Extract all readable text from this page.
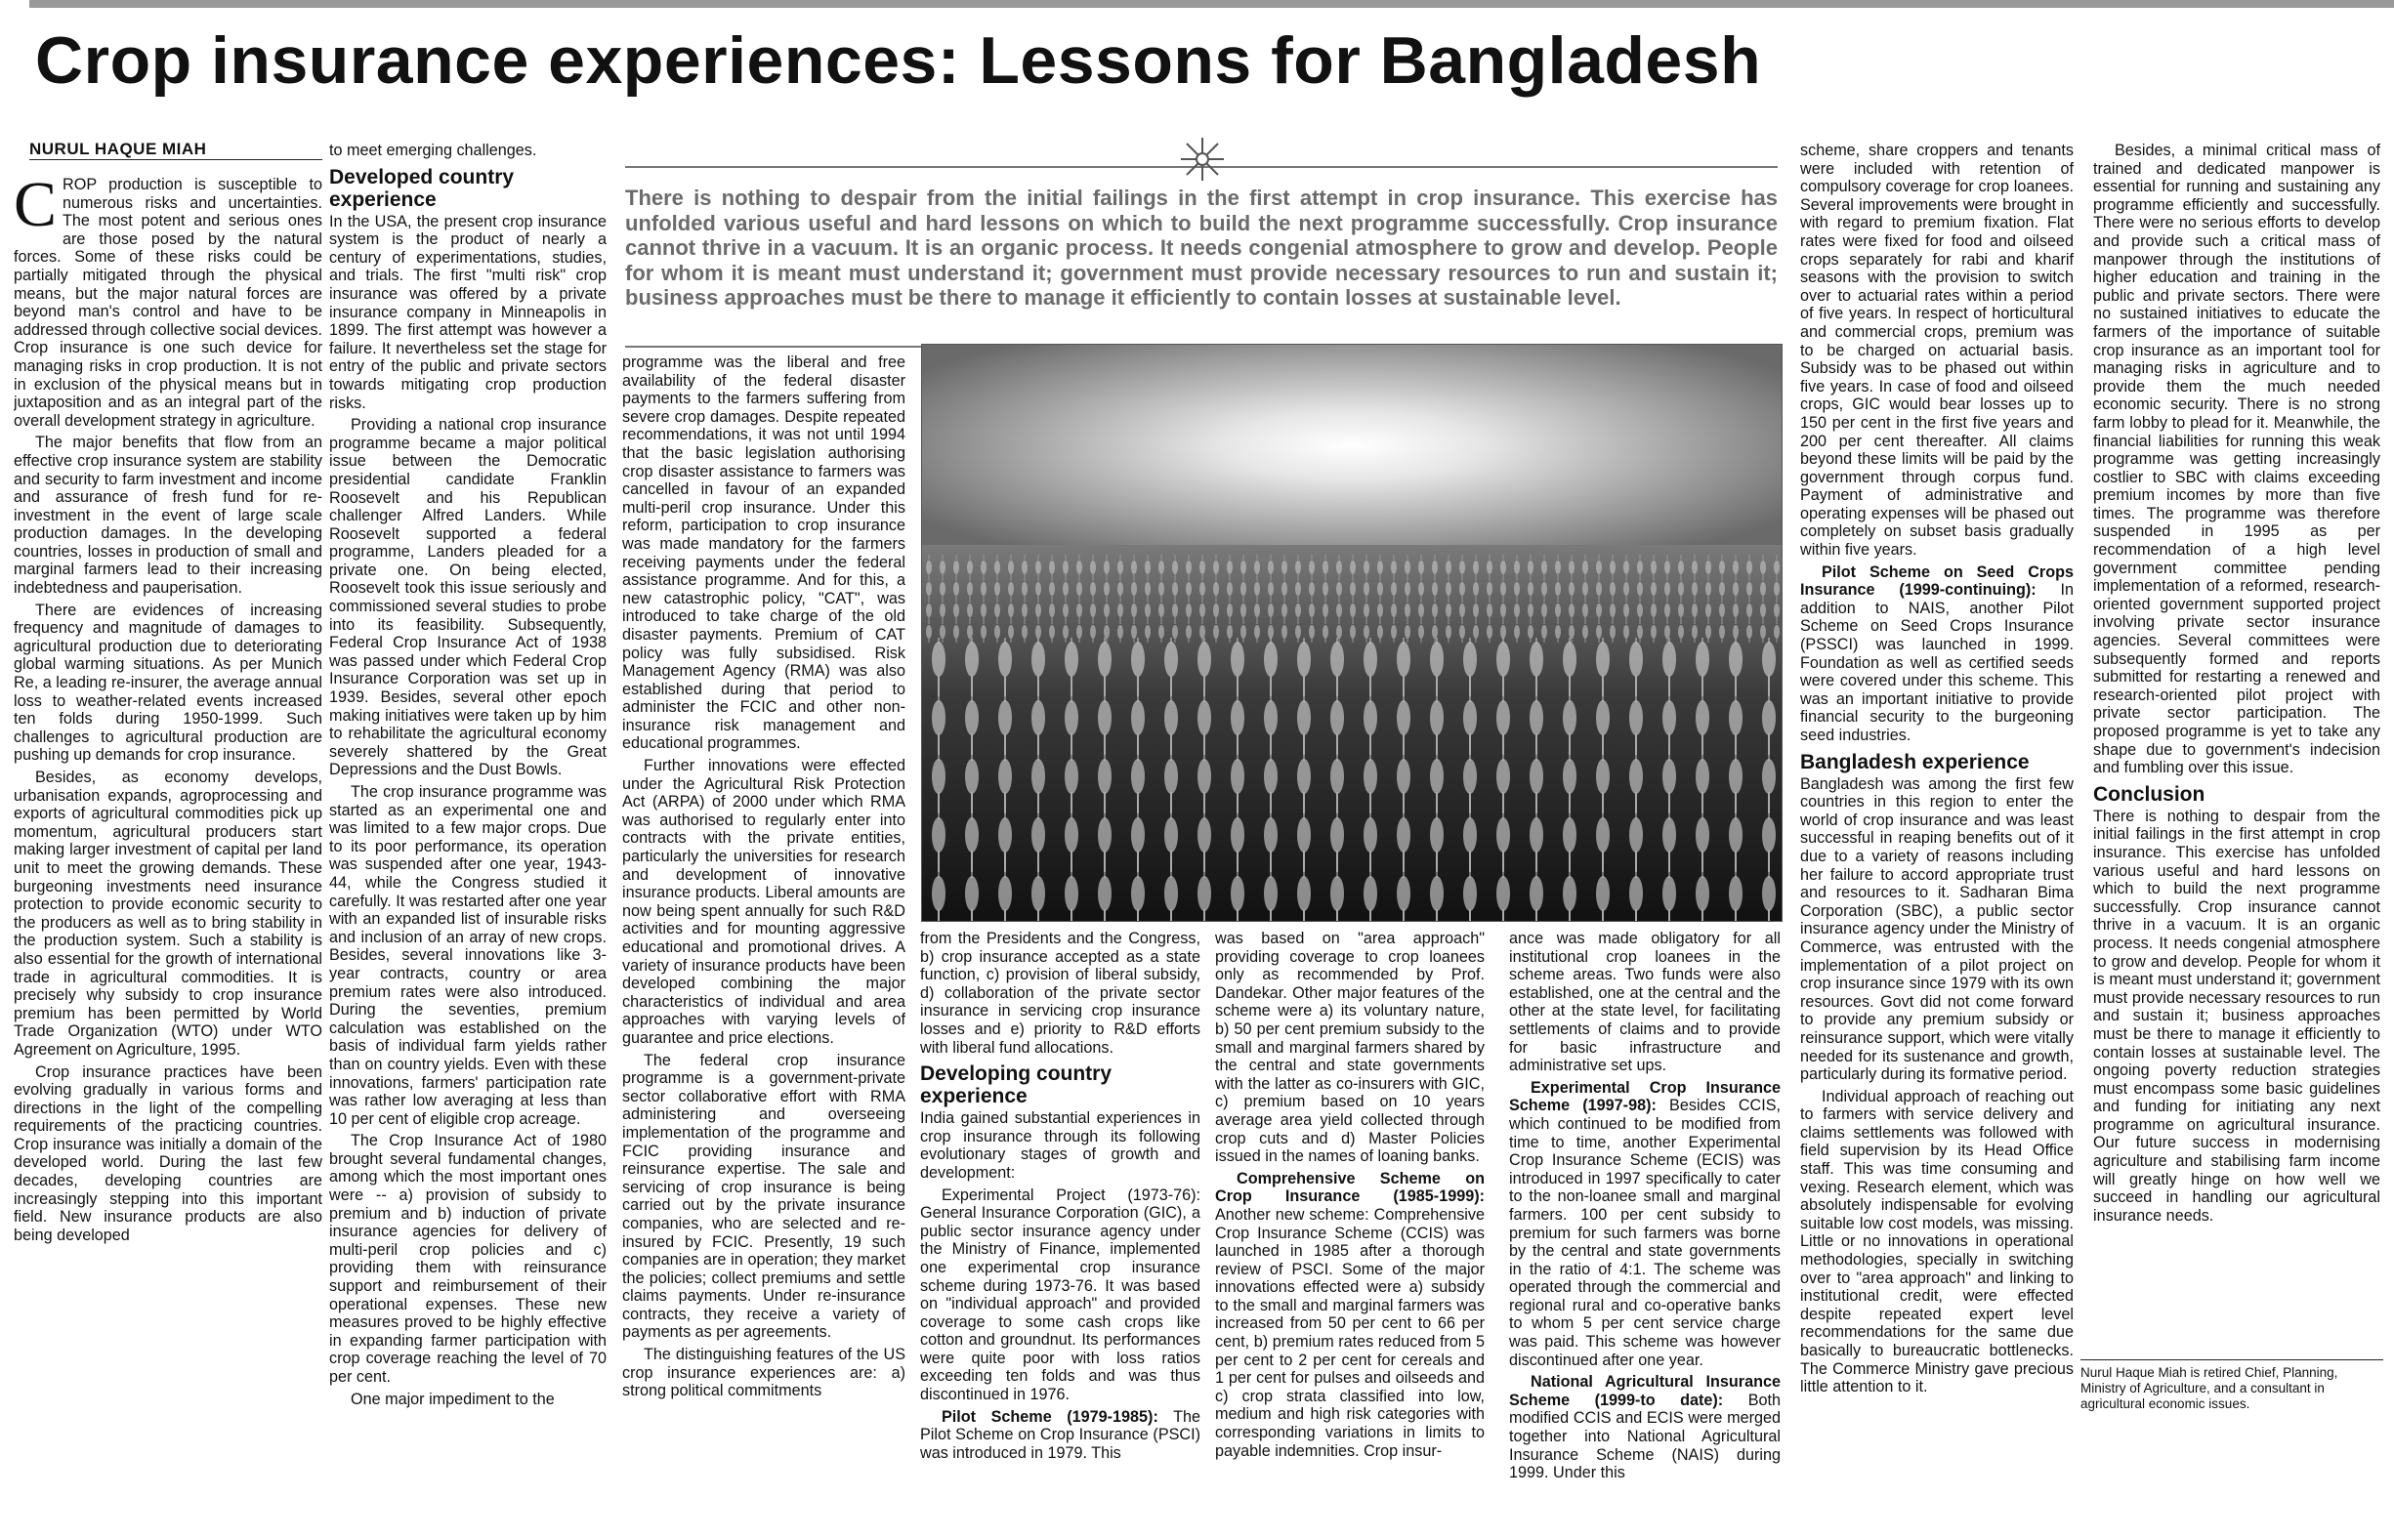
Crop insurance experiences: Lessons for Bangladesh
NURUL HAQUE MIAH

CROP production is susceptible to numerous risks and uncertainties. The most potent and serious ones are those posed by the natural forces. Some of these risks could be partially mitigated through the physical means, but the major natural forces are beyond man's control and have to be addressed through collective social devices. Crop insurance is one such device for managing risks in crop production. It is not in exclusion of the physical means but in juxtaposition and as an integral part of the overall development strategy in agriculture.

The major benefits that flow from an effective crop insurance system are stability and security to farm investment and income and assurance of fresh fund for re-investment in the event of large scale production damages. In the developing countries, losses in production of small and marginal farmers lead to their increasing indebtedness and pauperisation.

There are evidences of increasing frequency and magnitude of damages to agricultural production due to deteriorating global warming situations. As per Munich Re, a leading re-insurer, the average annual loss to weather-related events increased ten folds during 1950-1999. Such challenges to agricultural production are pushing up demands for crop insurance.

Besides, as economy develops, urbanisation expands, agroprocessing and exports of agricultural commodities pick up momentum, agricultural producers start making larger investment of capital per land unit to meet the growing demands. These burgeoning investments need insurance protection to provide economic security to the producers as well as to bring stability in the production system. Such a stability is also essential for the growth of international trade in agricultural commodities. It is precisely why subsidy to crop insurance premium has been permitted by World Trade Organization (WTO) under WTO Agreement on Agriculture, 1995.

Crop insurance practices have been evolving gradually in various forms and directions in the light of the compelling requirements of the practicing countries. Crop insurance was initially a domain of the developed world. During the last few decades, developing countries are increasingly stepping into this important field. New insurance products are also being developed

to meet emerging challenges.

Developed country experience

In the USA, the present crop insurance system is the product of nearly a century of experimentations, studies, and trials. The first "multi risk" crop insurance was offered by a private insurance company in Minneapolis in 1899. The first attempt was however a failure. It nevertheless set the stage for entry of the public and private sectors towards mitigating crop production risks.

Providing a national crop insurance programme became a major political issue between the Democratic presidential candidate Franklin Roosevelt and his Republican challenger Alfred Landers. While Roosevelt supported a federal programme, Landers pleaded for a private one. On being elected, Roosevelt took this issue seriously and commissioned several studies to probe into its feasibility. Subsequently, Federal Crop Insurance Act of 1938 was passed under which Federal Crop Insurance Corporation was set up in 1939. Besides, several other epoch making initiatives were taken up by him to rehabilitate the agricultural economy severely shattered by the Great Depressions and the Dust Bowls.

The crop insurance programme was started as an experimental one and was limited to a few major crops. Due to its poor performance, its operation was suspended after one year, 1943-44, while the Congress studied it carefully. It was restarted after one year with an expanded list of insurable risks and inclusion of an array of new crops. Besides, several innovations like 3-year contracts, country or area premium rates were also introduced. During the seventies, premium calculation was established on the basis of individual farm yields rather than on country yields. Even with these innovations, farmers' participation rate was rather low averaging at less than 10 per cent of eligible crop acreage.

The Crop Insurance Act of 1980 brought several fundamental changes, among which the most important ones were -- a) provision of subsidy to premium and b) induction of private insurance agencies for delivery of multi-peril crop policies and c) providing them with reinsurance support and reimbursement of their operational expenses. These new measures proved to be highly effective in expanding farmer participation with crop coverage reaching the level of 70 per cent.

One major impediment to the

There is nothing to despair from the initial failings in the first attempt in crop insurance. This exercise has unfolded various useful and hard lessons on which to build the next programme successfully. Crop insurance cannot thrive in a vacuum. It is an organic process. It needs congenial atmosphere to grow and develop. People for whom it is meant must understand it; government must provide necessary resources to run and sustain it; business approaches must be there to manage it efficiently to contain losses at sustainable level.

programme was the liberal and free availability of the federal disaster payments to the farmers suffering from severe crop damages. Despite repeated recommendations, it was not until 1994 that the basic legislation authorising crop disaster assistance to farmers was cancelled in favour of an expanded multi-peril crop insurance. Under this reform, participation to crop insurance was made mandatory for the farmers receiving payments under the federal assistance programme. And for this, a new catastrophic policy, "CAT", was introduced to take charge of the old disaster payments. Premium of CAT policy was fully subsidised. Risk Management Agency (RMA) was also established during that period to administer the FCIC and other non-insurance risk management and educational programmes.

Further innovations were effected under the Agricultural Risk Protection Act (ARPA) of 2000 under which RMA was authorised to regularly enter into contracts with the private entities, particularly the universities for research and development of innovative insurance products. Liberal amounts are now being spent annually for such R&D activities and for mounting aggressive educational and promotional drives. A variety of insurance products have been developed combining the major characteristics of individual and area approaches with varying levels of guarantee and price elections.

The federal crop insurance programme is a government-private sector collaborative effort with RMA administering and overseeing implementation of the programme and FCIC providing insurance and reinsurance expertise. The sale and servicing of crop insurance is being carried out by the private insurance companies, who are selected and re-insured by FCIC. Presently, 19 such companies are in operation; they market the policies; collect premiums and settle claims payments. Under re-insurance contracts, they receive a variety of payments as per agreements.

The distinguishing features of the US crop insurance experiences are: a) strong political commitments

from the Presidents and the Congress, b) crop insurance accepted as a state function, c) provision of liberal subsidy, d) collaboration of the private sector insurance in servicing crop insurance losses and e) priority to R&D efforts with liberal fund allocations.

Developing country experience

India gained substantial experiences in crop insurance through its following evolutionary stages of growth and development:

Experimental Project (1973-76): General Insurance Corporation (GIC), a public sector insurance agency under the Ministry of Finance, implemented one experimental crop insurance scheme during 1973-76. It was based on "individual approach" and provided coverage to some cash crops like cotton and groundnut. Its performances were quite poor with loss ratios exceeding ten folds and was thus discontinued in 1976.

Pilot Scheme (1979-1985): The Pilot Scheme on Crop Insurance (PSCI) was introduced in 1979. This

was based on "area approach" providing coverage to crop loanees only as recommended by Prof. Dandekar. Other major features of the scheme were a) its voluntary nature, b) 50 per cent premium subsidy to the small and marginal farmers shared by the central and state governments with the latter as co-insurers with GIC, c) premium based on 10 years average area yield collected through crop cuts and d) Master Policies issued in the names of loaning banks.

Comprehensive Scheme on Crop Insurance (1985-1999): Another new scheme: Comprehensive Crop Insurance Scheme (CCIS) was launched in 1985 after a thorough review of PSCI. Some of the major innovations effected were a) subsidy to the small and marginal farmers was increased from 50 per cent to 66 per cent, b) premium rates reduced from 5 per cent to 2 per cent for cereals and 1 per cent for pulses and oilseeds and c) crop strata classified into low, medium and high risk categories with corresponding variations in limits to payable indemnities. Crop insur-

ance was made obligatory for all institutional crop loanees in the scheme areas. Two funds were also established, one at the central and the other at the state level, for facilitating settlements of claims and to provide for basic infrastructure and administrative set ups.

Experimental Crop Insurance Scheme (1997-98): Besides CCIS, which continued to be modified from time to time, another Experimental Crop Insurance Scheme (ECIS) was introduced in 1997 specifically to cater to the non-loanee small and marginal farmers. 100 per cent subsidy to premium for such farmers was borne by the central and state governments in the ratio of 4:1. The scheme was operated through the commercial and regional rural and co-operative banks to whom 5 per cent service charge was paid. This scheme was however discontinued after one year.

National Agricultural Insurance Scheme (1999-to date): Both modified CCIS and ECIS were merged together into National Agricultural Insurance Scheme (NAIS) during 1999. Under this

scheme, share croppers and tenants were included with retention of compulsory coverage for crop loanees. Several improvements were brought in with regard to premium fixation. Flat rates were fixed for food and oilseed crops separately for rabi and kharif seasons with the provision to switch over to actuarial rates within a period of five years. In respect of horticultural and commercial crops, premium was to be charged on actuarial basis. Subsidy was to be phased out within five years. In case of food and oilseed crops, GIC would bear losses up to 150 per cent in the first five years and 200 per cent thereafter. All claims beyond these limits will be paid by the government through corpus fund. Payment of administrative and operating expenses will be phased out completely on subset basis gradually within five years.

Pilot Scheme on Seed Crops Insurance (1999-continuing): In addition to NAIS, another Pilot Scheme on Seed Crops Insurance (PSSCI) was launched in 1999. Foundation as well as certified seeds were covered under this scheme. This was an important initiative to provide financial security to the burgeoning seed industries.

Bangladesh experience

Bangladesh was among the first few countries in this region to enter the world of crop insurance and was least successful in reaping benefits out of it due to a variety of reasons including her failure to accord appropriate trust and resources to it. Sadharan Bima Corporation (SBC), a public sector insurance agency under the Ministry of Commerce, was entrusted with the implementation of a pilot project on crop insurance since 1979 with its own resources. Govt did not come forward to provide any premium subsidy or reinsurance support, which were vitally needed for its sustenance and growth, particularly during its formative period.

Individual approach of reaching out to farmers with service delivery and claims settlements was followed with field supervision by its Head Office staff. This was time consuming and vexing. Research element, which was absolutely indispensable for evolving suitable low cost models, was missing. Little or no innovations in operational methodologies, specially in switching over to "area approach" and linking to institutional credit, were effected despite repeated expert level recommendations for the same due basically to bureaucratic bottlenecks. The Commerce Ministry gave precious little attention to it.

Besides, a minimal critical mass of trained and dedicated manpower is essential for running and sustaining any programme efficiently and successfully. There were no serious efforts to develop and provide such a critical mass of manpower through the institutions of higher education and training in the public and private sectors. There were no sustained initiatives to educate the farmers of the importance of suitable crop insurance as an important tool for managing risks in agriculture and to provide them the much needed economic security. There is no strong farm lobby to plead for it. Meanwhile, the financial liabilities for running this weak programme was getting increasingly costlier to SBC with claims exceeding premium incomes by more than five times. The programme was therefore suspended in 1995 as per recommendation of a high level government committee pending implementation of a reformed, research-oriented government supported project involving private sector insurance agencies. Several committees were subsequently formed and reports submitted for restarting a renewed and research-oriented pilot project with private sector participation. The proposed programme is yet to take any shape due to government's indecision and fumbling over this issue.

Conclusion

There is nothing to despair from the initial failings in the first attempt in crop insurance. This exercise has unfolded various useful and hard lessons on which to build the next programme successfully. Crop insurance cannot thrive in a vacuum. It is an organic process. It needs congenial atmosphere to grow and develop. People for whom it is meant must understand it; government must provide necessary resources to run and sustain it; business approaches must be there to manage it efficiently to contain losses at sustainable level. The ongoing poverty reduction strategies must encompass some basic guidelines and funding for initiating any next programme on agricultural insurance. Our future success in modernising agriculture and stabilising farm income will greatly hinge on how well we succeed in handling our agricultural insurance needs.

Nurul Haque Miah is retired Chief, Planning, Ministry of Agriculture, and a consultant in agricultural economic issues.
